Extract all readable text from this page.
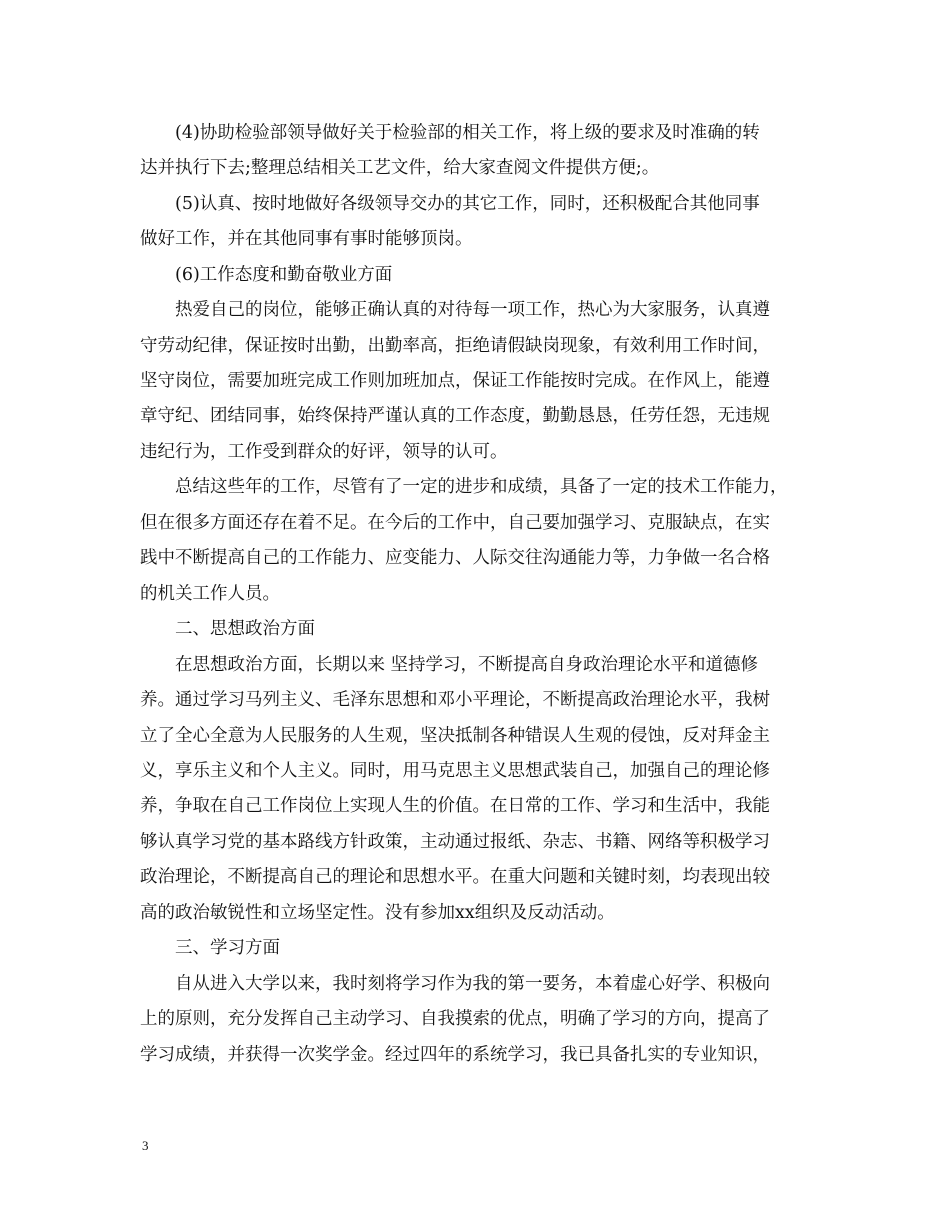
(4)协助检验部领导做好关于检验部的相关工作，将上级的要求及时准确的转
达并执行下去;整理总结相关工艺文件，给大家查阅文件提供方便;。
(5)认真、按时地做好各级领导交办的其它工作，同时，还积极配合其他同事
做好工作，并在其他同事有事时能够顶岗。
(6)工作态度和勤奋敬业方面
热爱自己的岗位，能够正确认真的对待每一项工作，热心为大家服务，认真遵
守劳动纪律，保证按时出勤，出勤率高，拒绝请假缺岗现象，有效利用工作时间，
坚守岗位，需要加班完成工作则加班加点，保证工作能按时完成。在作风上，能遵
章守纪、团结同事，始终保持严谨认真的工作态度，勤勤恳恳，任劳任怨，无违规
违纪行为，工作受到群众的好评，领导的认可。
总结这些年的工作，尽管有了一定的进步和成绩，具备了一定的技术工作能力，
但在很多方面还存在着不足。在今后的工作中，自己要加强学习、克服缺点，在实
践中不断提高自己的工作能力、应变能力、人际交往沟通能力等，力争做一名合格
的机关工作人员。
二、思想政治方面
在思想政治方面，长期以来 坚持学习，不断提高自身政治理论水平和道德修
养。通过学习马列主义、毛泽东思想和邓小平理论，不断提高政治理论水平，我树
立了全心全意为人民服务的人生观，坚决抵制各种错误人生观的侵蚀，反对拜金主
义，享乐主义和个人主义。同时，用马克思主义思想武装自己，加强自己的理论修
养，争取在自己工作岗位上实现人生的价值。在日常的工作、学习和生活中，我能
够认真学习党的基本路线方针政策，主动通过报纸、杂志、书籍、网络等积极学习
政治理论，不断提高自己的理论和思想水平。在重大问题和关键时刻，均表现出较
高的政治敏锐性和立场坚定性。没有参加xx组织及反动活动。
三、学习方面
自从进入大学以来，我时刻将学习作为我的第一要务，本着虚心好学、积极向
上的原则，充分发挥自己主动学习、自我摸索的优点，明确了学习的方向，提高了
学习成绩，并获得一次奖学金。经过四年的系统学习，我已具备扎实的专业知识，
3
